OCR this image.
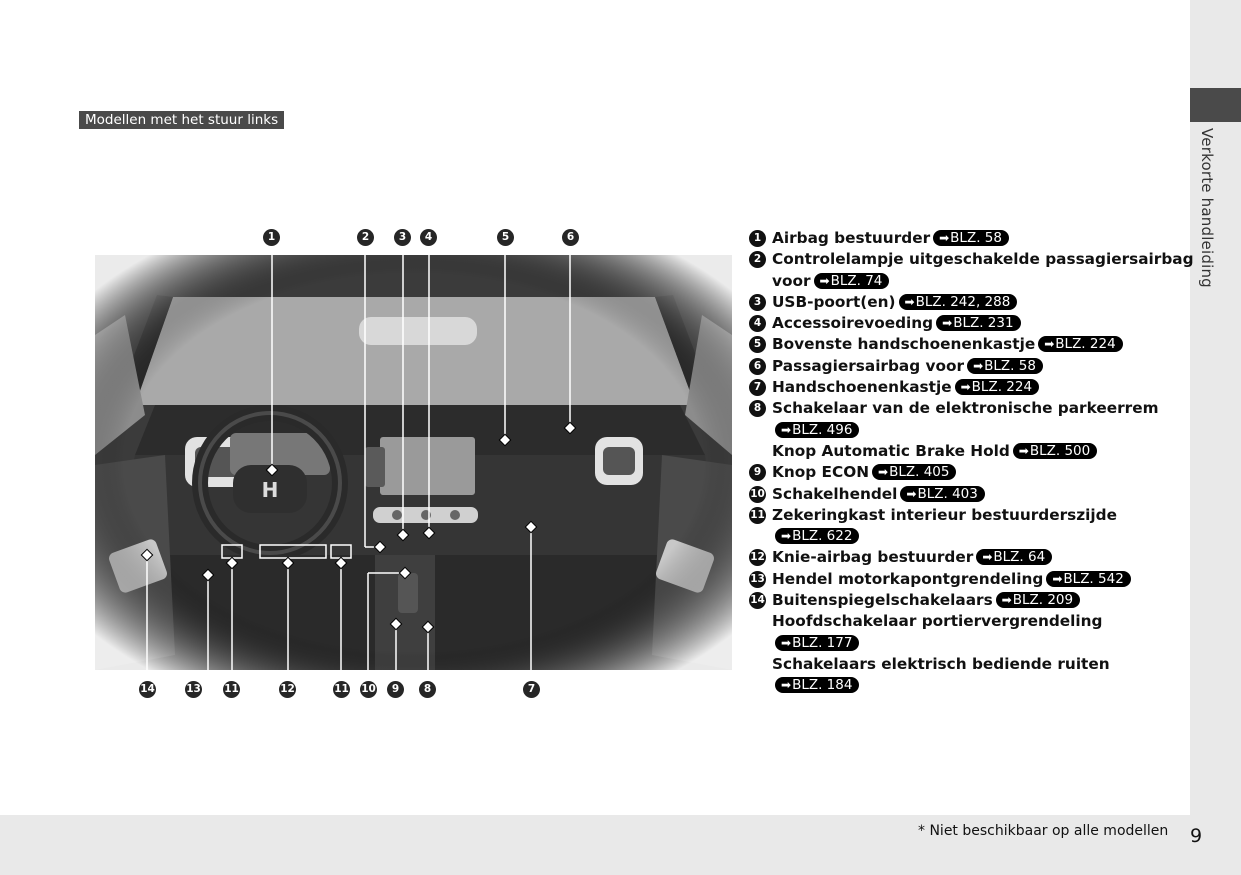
Verkorte handleiding
* Niet beschikbaar op alle modellen 9
Modellen met het stuur links
1	2	3	4	5	6
14	13 11	12	11 10	9	8	7
1 Airbag bestuurder ➡BLZ. 58
2 Controlelampje uitgeschakelde passagiersairbag
voor ➡BLZ. 74
3 USB-poort(en) ➡BLZ. 242, 288
4 Accessoirevoeding ➡BLZ. 231
5 Bovenste handschoenenkastje ➡BLZ. 224
6 Passagiersairbag voor ➡BLZ. 58
7 Handschoenenkastje ➡BLZ. 224
8 Schakelaar van de elektronische parkeerrem
➡BLZ. 496
Knop Automatic Brake Hold ➡BLZ. 500
9 Knop ECON ➡BLZ. 405
10 Schakelhendel ➡BLZ. 403
11 Zekeringkast interieur bestuurderszijde
➡BLZ. 622
12 Knie-airbag bestuurder ➡BLZ. 64
13 Hendel motorkapontgrendeling ➡BLZ. 542
14 Buitenspiegelschakelaars ➡BLZ. 209
Hoofdschakelaar portiervergrendeling
➡BLZ. 177
Schakelaars elektrisch bediende ruiten
➡BLZ. 184
